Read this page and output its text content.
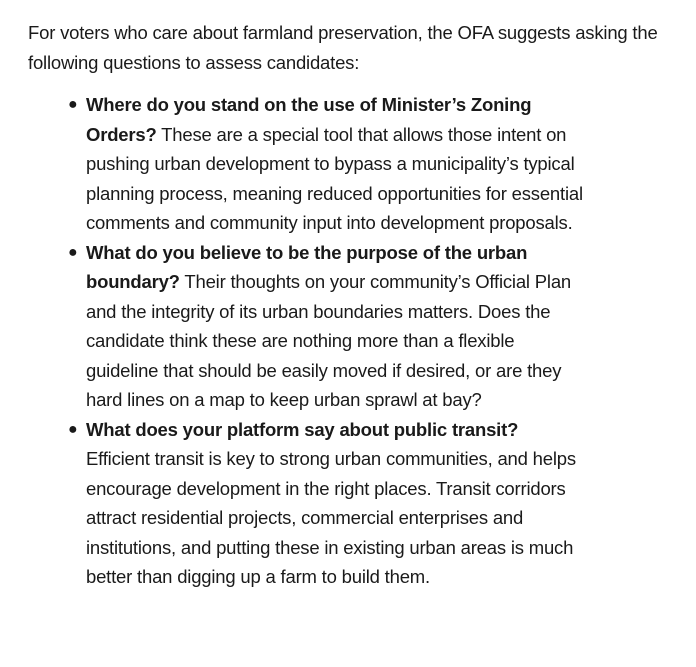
For voters who care about farmland preservation, the OFA suggests asking the following questions to assess candidates:

● Where do you stand on the use of Minister’s Zoning Orders? These are a special tool that allows those intent on pushing urban development to bypass a municipality’s typical planning process, meaning reduced opportunities for essential comments and community input into development proposals.
● What do you believe to be the purpose of the urban boundary? Their thoughts on your community’s Official Plan and the integrity of its urban boundaries matters. Does the candidate think these are nothing more than a flexible guideline that should be easily moved if desired, or are they hard lines on a map to keep urban sprawl at bay?
● What does your platform say about public transit? Efficient transit is key to strong urban communities, and helps encourage development in the right places. Transit corridors attract residential projects, commercial enterprises and institutions, and putting these in existing urban areas is much better than digging up a farm to build them.
